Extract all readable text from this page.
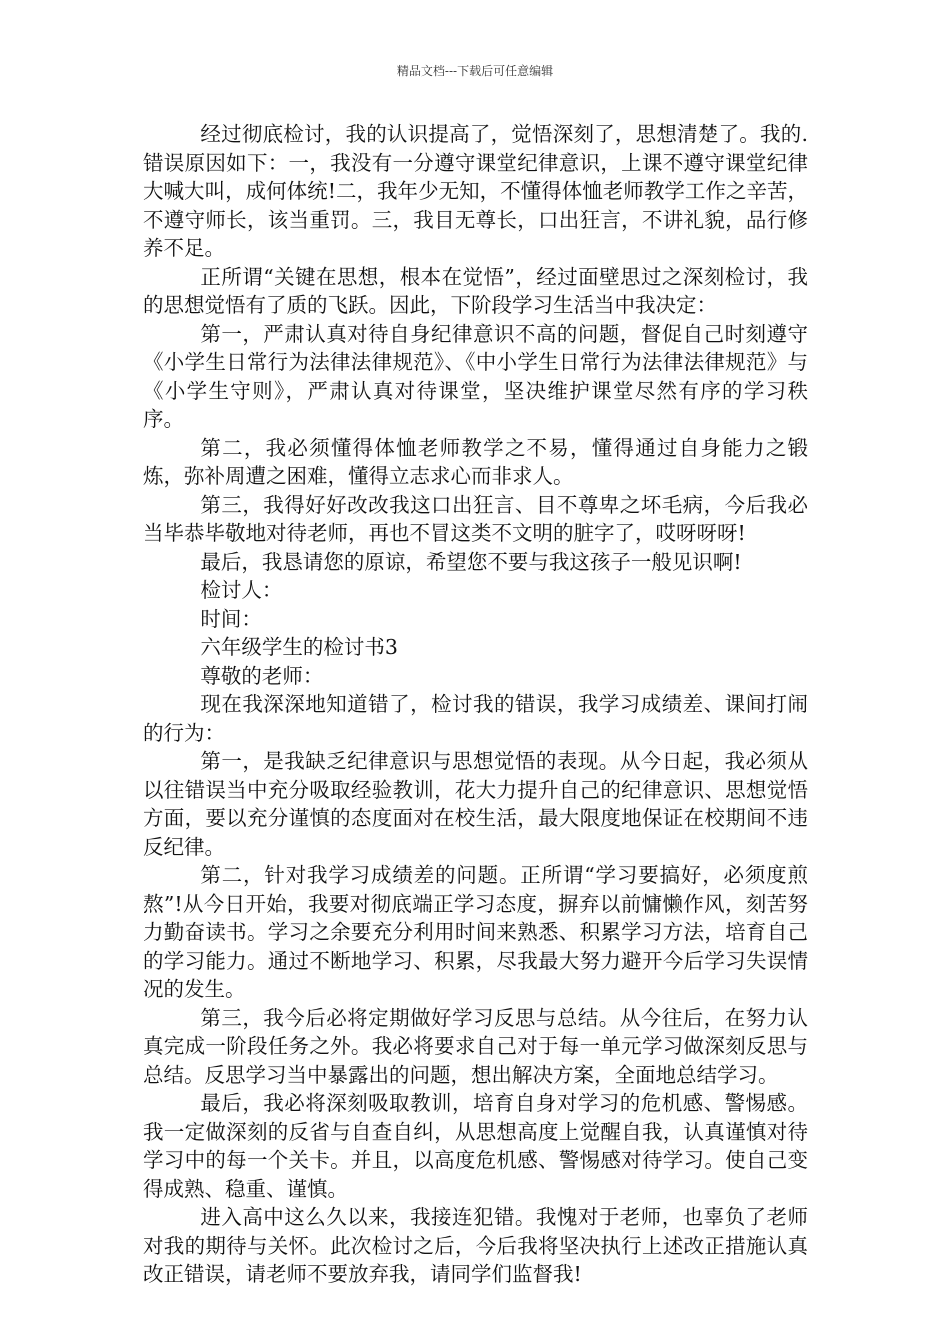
精品文档---下载后可任意编辑

经过彻底检讨，我的认识提高了，觉悟深刻了，思想清楚了。我的.错误原因如下：一，我没有一分遵守课堂纪律意识，上课不遵守课堂纪律大喊大叫，成何体统!二，我年少无知，不懂得体恤老师教学工作之辛苦，不遵守师长，该当重罚。三，我目无尊长，口出狂言，不讲礼貌，品行修养不足。

正所谓“关键在思想，根本在觉悟”，经过面壁思过之深刻检讨，我的思想觉悟有了质的飞跃。因此，下阶段学习生活当中我决定：

第一，严肃认真对待自身纪律意识不高的问题，督促自己时刻遵守《小学生日常行为法律法律规范》、《中小学生日常行为法律法律规范》与《小学生守则》，严肃认真对待课堂，坚决维护课堂尽然有序的学习秩序。

第二，我必须懂得体恤老师教学之不易，懂得通过自身能力之锻炼，弥补周遭之困难，懂得立志求心而非求人。

第三，我得好好改改我这口出狂言、目不尊卑之坏毛病，今后我必当毕恭毕敬地对待老师，再也不冒这类不文明的脏字了，哎呀呀呀!

最后，我恳请您的原谅，希望您不要与我这孩子一般见识啊!

检讨人：

时间：

六年级学生的检讨书3

尊敬的老师：

现在我深深地知道错了，检讨我的错误，我学习成绩差、课间打闹的行为：

第一，是我缺乏纪律意识与思想觉悟的表现。从今日起，我必须从以往错误当中充分吸取经验教训，花大力提升自己的纪律意识、思想觉悟方面，要以充分谨慎的态度面对在校生活，最大限度地保证在校期间不违反纪律。

第二，针对我学习成绩差的问题。正所谓“学习要搞好，必须度煎熬”!从今日开始，我要对彻底端正学习态度，摒弃以前慵懒作风，刻苦努力勤奋读书。学习之余要充分利用时间来熟悉、积累学习方法，培育自己的学习能力。通过不断地学习、积累，尽我最大努力避开今后学习失误情况的发生。

第三，我今后必将定期做好学习反思与总结。从今往后，在努力认真完成一阶段任务之外。我必将要求自己对于每一单元学习做深刻反思与总结。反思学习当中暴露出的问题，想出解决方案，全面地总结学习。

最后，我必将深刻吸取教训，培育自身对学习的危机感、警惕感。我一定做深刻的反省与自查自纠，从思想高度上觉醒自我，认真谨慎对待学习中的每一个关卡。并且，以高度危机感、警惕感对待学习。使自己变得成熟、稳重、谨慎。

进入高中这么久以来，我接连犯错。我愧对于老师，也辜负了老师对我的期待与关怀。此次检讨之后，今后我将坚决执行上述改正措施认真改正错误，请老师不要放弃我，请同学们监督我!
